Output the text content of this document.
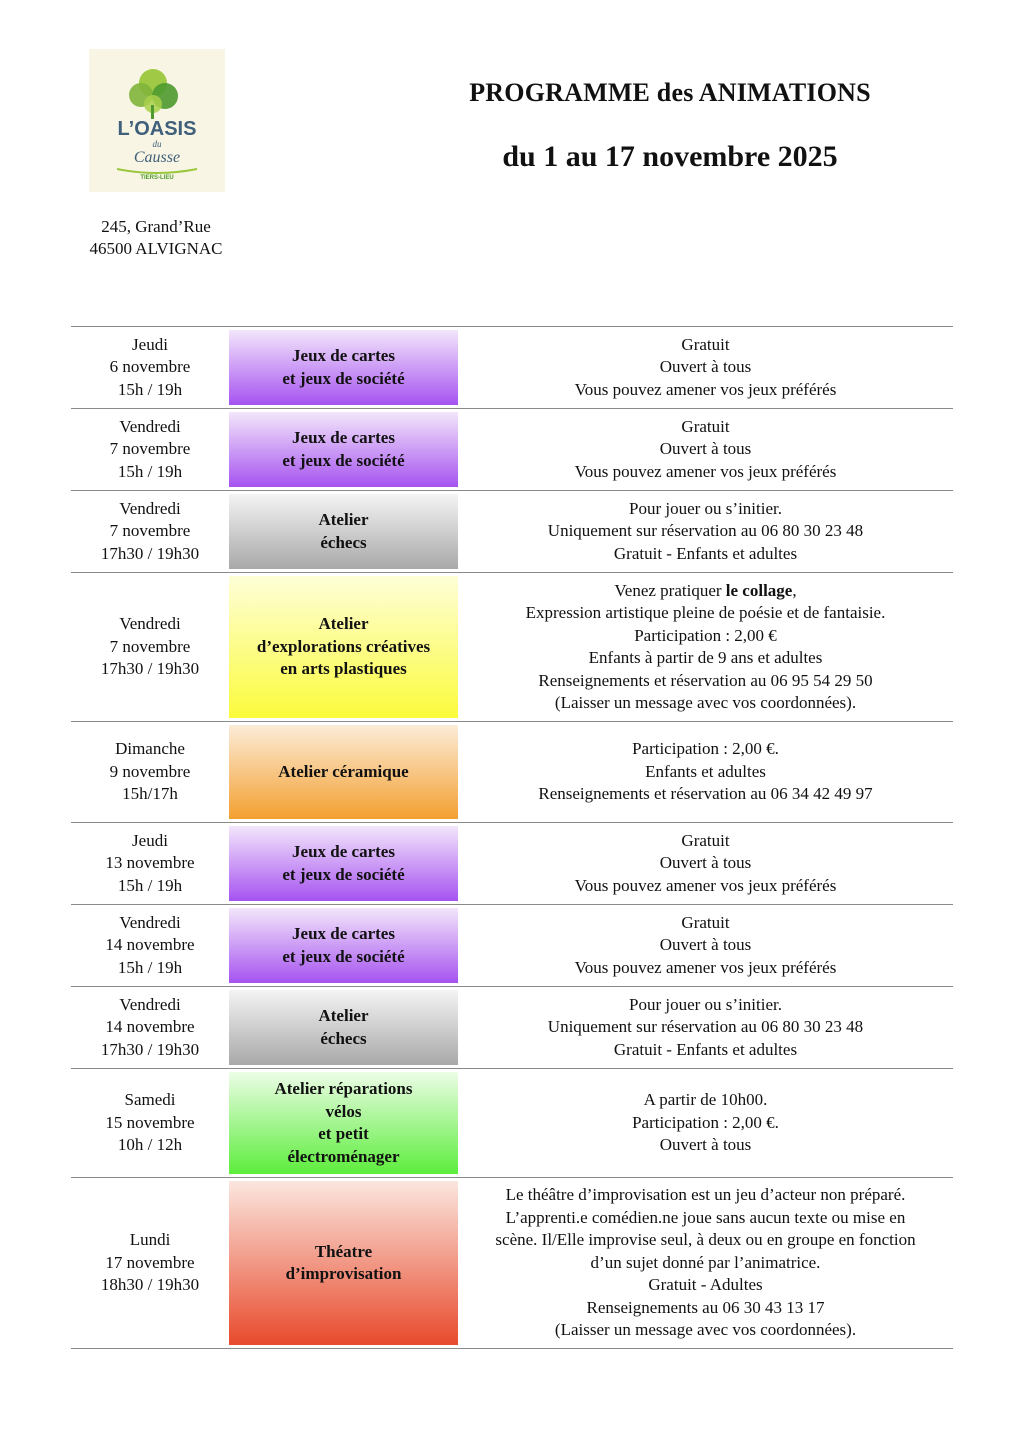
L’OASIS
du
Causse
TIERS-LIEU
245, Grand’Rue
46500 ALVIGNAC
PROGRAMME des ANIMATIONS
du 1 au 17 novembre 2025
Jeudi
6 novembre
15h / 19h
Jeux de cartes
et jeux de société
Gratuit
Ouvert à tous
Vous pouvez amener vos jeux préférés
Vendredi
7 novembre
15h / 19h
Jeux de cartes
et jeux de société
Gratuit
Ouvert à tous
Vous pouvez amener vos jeux préférés
Vendredi
7 novembre
17h30 / 19h30
Atelier
échecs
Pour jouer ou s’initier.
Uniquement sur réservation au 06 80 30 23 48
Gratuit - Enfants et adultes
Vendredi
7 novembre
17h30 / 19h30
Atelier
d’explorations créatives
en arts plastiques
Venez pratiquer le collage,
Expression artistique pleine de poésie et de fantaisie.
Participation : 2,00 €
Enfants à partir de 9 ans et adultes
Renseignements et réservation au 06 95 54 29 50
(Laisser un message avec vos coordonnées).
Dimanche
9 novembre
15h/17h
Atelier céramique
Participation : 2,00 €.
Enfants et adultes
Renseignements et réservation au 06 34 42 49 97
Jeudi
13 novembre
15h / 19h
Jeux de cartes
et jeux de société
Gratuit
Ouvert à tous
Vous pouvez amener vos jeux préférés
Vendredi
14 novembre
15h / 19h
Jeux de cartes
et jeux de société
Gratuit
Ouvert à tous
Vous pouvez amener vos jeux préférés
Vendredi
14 novembre
17h30 / 19h30
Atelier
échecs
Pour jouer ou s’initier.
Uniquement sur réservation au 06 80 30 23 48
Gratuit - Enfants et adultes
Samedi
15 novembre
10h / 12h
Atelier réparations
vélos
et petit
électroménager
A partir de 10h00.
Participation : 2,00 €.
Ouvert à tous
Lundi
17 novembre
18h30 / 19h30
Théatre
d’improvisation
Le théâtre d’improvisation est un jeu d’acteur non préparé.
L’apprenti.e comédien.ne joue sans aucun texte ou mise en
scène. Il/Elle improvise seul, à deux ou en groupe en fonction
d’un sujet donné par l’animatrice.
Gratuit - Adultes
Renseignements au 06 30 43 13 17
(Laisser un message avec vos coordonnées).
